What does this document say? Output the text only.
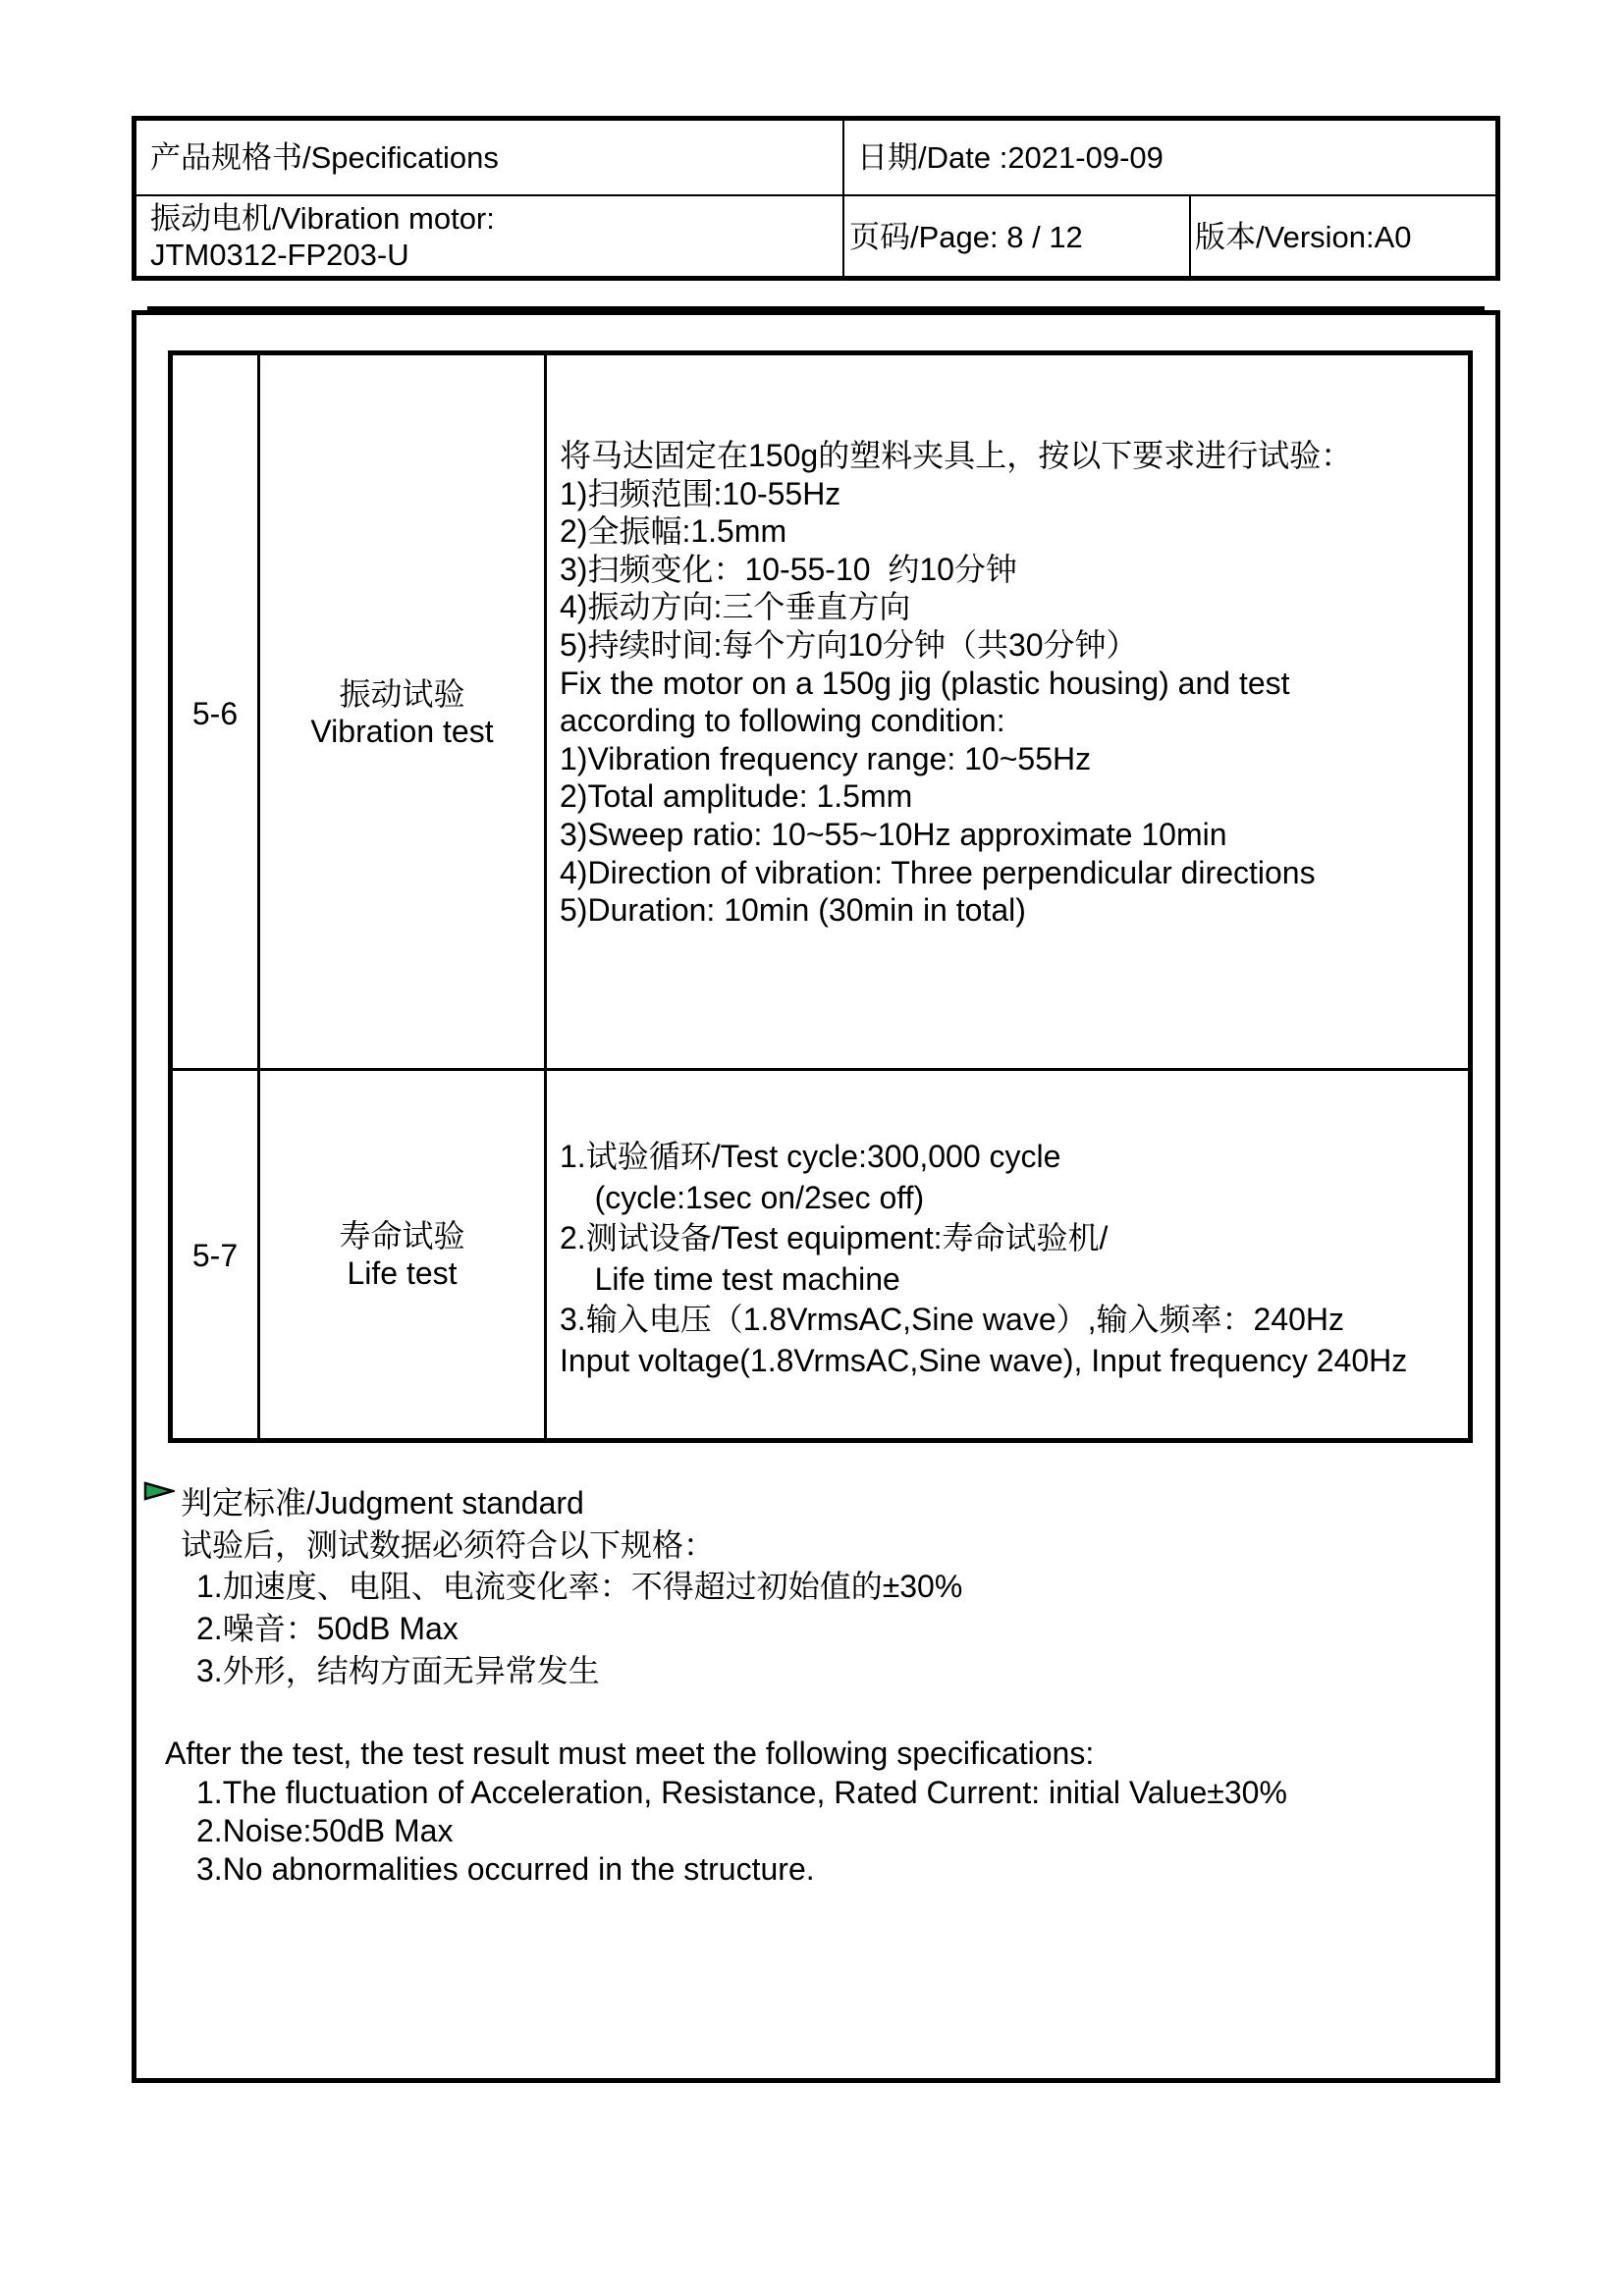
产品规格书/Specifications	日期/Date :2021-09-09
振动电机/Vibration motor:
JTM0312-FP203-U
页码/Page: 8 / 12	版本/Version:A0
5-6
振动试验
Vibration test
将马达固定在150g的塑料夹具上，按以下要求进行试验：
1)扫频范围:10-55Hz
2)全振幅:1.5mm
3)扫频变化：10-55-10  约10分钟
4)振动方向:三个垂直方向
5)持续时间:每个方向10分钟（共30分钟）
Fix the motor on a 150g jig (plastic housing) and test
according to following condition:
1)Vibration frequency range: 10~55Hz
2)Total amplitude: 1.5mm
3)Sweep ratio: 10~55~10Hz approximate 10min
4)Direction of vibration: Three perpendicular directions
5)Duration: 10min (30min in total)
5-7
寿命试验
Life test
1.试验循环/Test cycle:300,000 cycle
(cycle:1sec on/2sec off)
2.测试设备/Test equipment:寿命试验机/
Life time test machine
3.输入电压（1.8VrmsAC,Sine wave）,输入频率：240Hz
Input voltage(1.8VrmsAC,Sine wave), Input frequency 240Hz
判定标准/Judgment standard
试验后，测试数据必须符合以下规格：
1.加速度、电阻、电流变化率：不得超过初始值的±30%
2.噪音：50dB Max
3.外形，结构方面无异常发生
After the test, the test result must meet the following specifications:
1.The fluctuation of Acceleration, Resistance, Rated Current: initial Value±30%
2.Noise:50dB Max
3.No abnormalities occurred in the structure.
